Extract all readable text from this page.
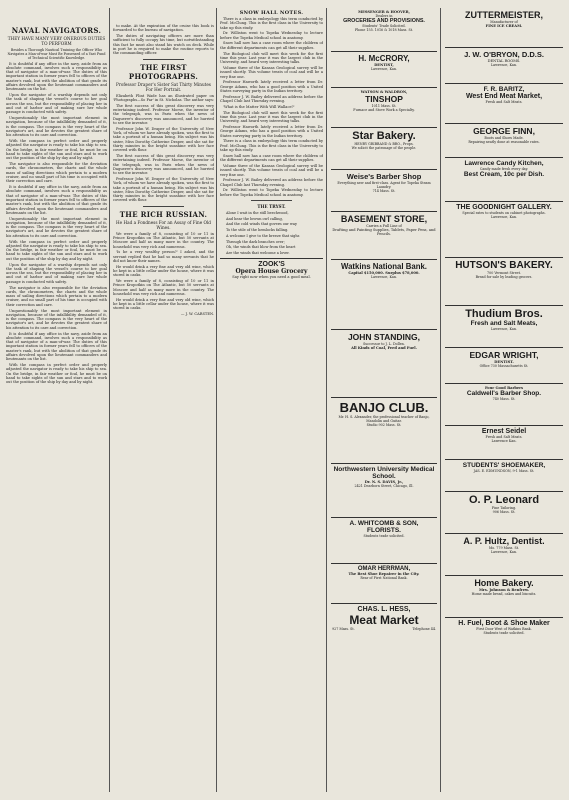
NAVAL NAVIGATORS.
THEY HAVE MANY VERY ONEROUS DUTIES TO PERFORM

Besides a Thorough Nautical Training the Officer Who Navigates a Man-of-war Must Be Possessed of a Vast Fund of Technical Scientific Knowledge.

It is doubtful if any office in the navy, aside from an absolute command, involves such a responsibility as that of navigator of a man-of-war. The duties of this important station in former years fell to officers of the master's rank, but with the abolition of that grade its affairs devolved upon the lieutenant commanders and lieutenants on the list.

Upon the navigator of a warship depends not only the task of shaping the vessel's course to her goal across the sea, but the responsibility of placing her in and out of harbor and of making sure her whole passage is conducted with safety.

Unquestionably the most important element in navigation, because of the infallibility demanded of it, is the compass. The compass is the very heart of the navigator's art, and he devotes the greatest share of his attention to its care and correction.

With the compass in perfect order and properly adjusted the navigator is ready to take his ship to sea. On the bridge, in fair weather or foul, he must be on hand to take sights of the sun and stars and to work out the position of the ship by day and by night.

The navigator is also responsible for the deviation cards, the chronometers, the charts and the whole mass of sailing directions which pertain to a modern cruiser, and no small part of his time is occupied with their correction and care.

It is doubtful if any office in the navy, aside from an absolute command, involves such a responsibility as that of navigator of a man-of-war. The duties of this important station in former years fell to officers of the master's rank, but with the abolition of that grade its affairs devolved upon the lieutenant commanders and lieutenants on the list.

Unquestionably the most important element in navigation, because of the infallibility demanded of it, is the compass. The compass is the very heart of the navigator's art, and he devotes the greatest share of his attention to its care and correction.

With the compass in perfect order and properly adjusted the navigator is ready to take his ship to sea. On the bridge, in fair weather or foul, he must be on hand to take sights of the sun and stars and to work out the position of the ship by day and by night.

Upon the navigator of a warship depends not only the task of shaping the vessel's course to her goal across the sea, but the responsibility of placing her in and out of harbor and of making sure her whole passage is conducted with safety.

The navigator is also responsible for the deviation cards, the chronometers, the charts and the whole mass of sailing directions which pertain to a modern cruiser, and no small part of his time is occupied with their correction and care.

Unquestionably the most important element in navigation, because of the infallibility demanded of it, is the compass. The compass is the very heart of the navigator's art, and he devotes the greatest share of his attention to its care and correction.

It is doubtful if any office in the navy, aside from an absolute command, involves such a responsibility as that of navigator of a man-of-war. The duties of this important station in former years fell to officers of the master's rank, but with the abolition of that grade its affairs devolved upon the lieutenant commanders and lieutenants on the list.

With the compass in perfect order and properly adjusted the navigator is ready to take his ship to sea. On the bridge, in fair weather or foul, he must be on hand to take sights of the sun and stars and to work out the position of the ship by day and by night.

to make. At the expiration of the cruise this book is forwarded to the bureau of navigation.

The duties of navigating officers are more than sufficient to fully occupy his time, but notwithstanding this fact he must also stand his watch on deck. While in port he is required to make the routine reports to the commanding officer.

THE FIRST PHOTOGRAPHS.
Professor Draper's Sister Sat Thirty Minutes For Her Portrait.

Elizabeth Flint Wade has an illustrated paper on 'Photographs—So Far' in St. Nicholas. The author says:

The first success of this great discovery was very entertaining indeed. Professor Morse, the inventor of the telegraph, was in Paris when the news of Daguerre's discovery was announced, and he hurried to see the inventor.

Professor John W. Draper of the University of New York, of whom we have already spoken, was the first to take a portrait of a human being. His subject was his sister, Miss Dorothy Catherine Draper, and she sat for thirty minutes in the bright sunshine with her face covered with flour.

The first success of this great discovery was very entertaining indeed. Professor Morse, the inventor of the telegraph, was in Paris when the news of Daguerre's discovery was announced, and he hurried to see the inventor.

Professor John W. Draper of the University of New York, of whom we have already spoken, was the first to take a portrait of a human being. His subject was his sister, Miss Dorothy Catherine Draper, and she sat for thirty minutes in the bright sunshine with her face covered with flour.

THE RICH RUSSIAN.
He Had a Fondness For an Assay of Fine Old Wines.

We were a family of 8, consisting of 10 or 11 in Prince Kropotkin on The Atlantic, but 50 servants at Moscow and half as many more in the country. The household was very rich and numerous.

'Is he a very wealthy person?' I asked, and the servant replied that he had so many servants that he did not know their names.

He would drink a very fine and very old wine, which he kept in a little cellar under the house, where it was stored in casks.

We were a family of 8, consisting of 10 or 11 in Prince Kropotkin on The Atlantic, but 50 servants at Moscow and half as many more in the country. The household was very rich and numerous.

He would drink a very fine and very old wine, which he kept in a little cellar under the house, where it was stored in casks.

— J. W. CARSTEN.

SNOW HALL NOTES.

There is a class in embryology this term conducted by Prof. McClung. This is the first class in the University to take up this study.

Dr. Williston went to Topeka Wednesday to lecture before the Topeka Medical school in anatomy.

Snow hall now has a case room where the children of the different departments can get all their supplies.

The Biological club will meet this week for the first time this year. Last year it was the largest club in the University, and heard very interesting talks.

Volume three of the Kansas Geological survey will be issued shortly. This volume treats of coal and will be a very fine one.

Professor Haworth lately received a letter from Dr. George Adams, who has a good position with a United States surveying party in the Indian territory.

Professor J. W. Bailey delivered an address before the Chapel Club last Thursday evening.

'What is the Matter With Will Wallace?'

The Biological club will meet this week for the first time this year. Last year it was the largest club in the University, and heard very interesting talks.

Professor Haworth lately received a letter from Dr. George Adams, who has a good position with a United States surveying party in the Indian territory.

There is a class in embryology this term conducted by Prof. McClung. This is the first class in the University to take up this study.

Snow hall now has a case room where the children of the different departments can get all their supplies.

Volume three of the Kansas Geological survey will be issued shortly. This volume treats of coal and will be a very fine one.

Professor J. W. Bailey delivered an address before the Chapel Club last Thursday evening.

Dr. Williston went to Topeka Wednesday to lecture before the Topeka Medical school in anatomy.

THE TRYST.

Alone I wait in the still beechwood,

And hear the brown owl calling,

And the cold winds that govern our way

To the stile of the hemlocks falling.

A welcome I give to the breeze that sighs

Through the dark branches over;

Oh, the winds that blow from the heart

Are the winds that welcome a lover.

ZOOK'S
Opera House Grocery
Say right now when you need a good meal.
MESSENGER & HOOVER,
Dealers in
GROCERIES AND PROVISIONS.
Students' Trade Solicited.
Phone 155. 1016 & 1018 Mass. St.
H. McCRORY,
DENTIST,
Lawrence, Kan.
WATSON & WALDRON,
TINSHOP
1011 Mass. St.
Furnace and Stove Work a Specialty.
Star Bakery.
HENRY GRIBBAND & BRO., Props.
We solicit the patronage of the people.
Weise's Barber Shop
Everything new and first-class. Agent for Topeka Steam Laundry.
714 Mass. St.
BASEMENT STORE,
Carries a Full Line of
Drafting and Painting Supplies, Tablets, Paper Pens, and Pencils.
Watkins National Bank.
Capital $150,000. Surplus $78,000.
Lawrence, Kan.
JOHN STANDING,
Successor to J. L. Dollen.
All Kinds of Coal, Feed and Fuel.
BANJO CLUB.
Mr. H. S. Alexander, the professional teacher of Banjo, Mandolin and Guitar.
Studio 902 Mass. St.
Northwestern University Medical School.
Dr. N. S. DAVIS, Jr.,
2421 Dearborn Street, Chicago, Ill.
A. WHITCOMB & SON,
FLORISTS.
Students trade solicited.
OMAR HERRMAN,
The Best Shoe Repairer in the City.
Rear of First National Bank.
CHAS. L. HESS,
Meat Market
927 Mass. St.	Telephone 44.
ZUTTERMEISTER,
Manufacturer of
FINE ICE CREAM.
J. W. O'BRYON, D.D.S.
DENTAL ROOMS.
Lawrence, Kan.
F. R. BARITZ,
West End Meat Market,
Fresh and Salt Meats.
GEORGE FINN,
Boots and Shoes Made.
Repairing neatly done at reasonable rates.
Lawrence Candy Kitchen,
Candy made fresh every day.
Best Cream, 10c per Dish.
THE GOODNIGHT GALLERY.
Special rates to students on cabinet photographs.
Lawrence, Kan.
HUTSON'S BAKERY.
700 Vermont Street.
Bread for sale by leading grocers.
Thudium Bros.
Fresh and Salt Meats,
Lawrence, Kan.
EDGAR WRIGHT,
DENTIST.
Office 730 Massachusetts St.
Four Good Barbers
Caldwell's Barber Shop.
740 Mass. St.
Ernest Seidel
Fresh and Salt Meats.
Lawrence Kan.
STUDENTS' SHOEMAKER,
JAS. E. EDMUNDSON, 9-1 Mass. St.
O. P. Leonard
Fine Tailoring.
906 Mass. St.
A. P. Hultz, Dentist.
Mo. 779 Mass. St.
Lawrence, Kan.
Home Bakery.
Mrs. Johnson & Renfrew.
Home made bread, cakes and biscuits.
H. Fuel, Boot & Shoe Maker
First Door West of Watkins Bank.
Students trade solicited.
